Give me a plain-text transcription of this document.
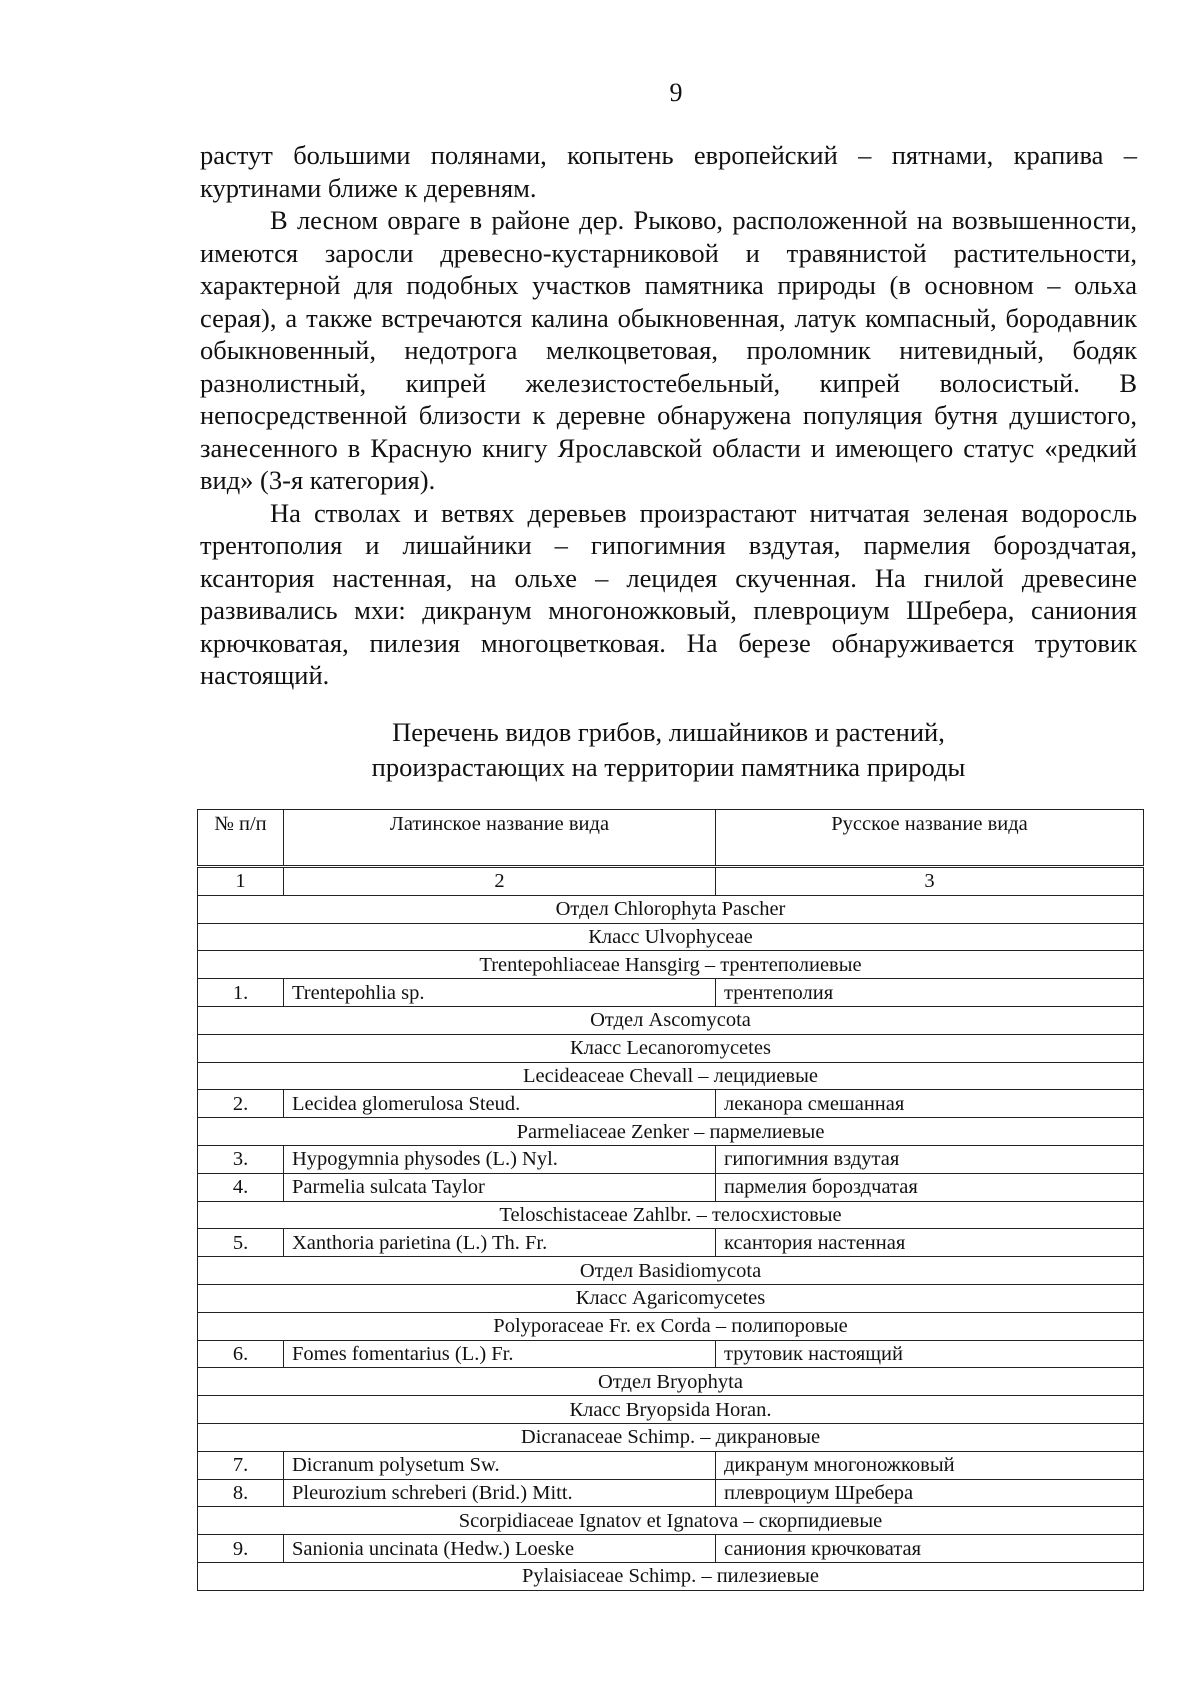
9

растут большими полянами, копытень европейский – пятнами, крапива – куртинами ближе к деревням.

В лесном овраге в районе дер. Рыково, расположенной на возвышенности, имеются заросли древесно-кустарниковой и травянистой растительности, характерной для подобных участков памятника природы (в основном – ольха серая), а также встречаются калина обыкновенная, латук компасный, бородавник обыкновенный, недотрога мелкоцветовая, проломник нитевидный, бодяк разнолистный, кипрей железистостебельный, кипрей волосистый. В непосредственной близости к деревне обнаружена популяция бутня душистого, занесенного в Красную книгу Ярославской области и имеющего статус «редкий вид» (3-я категория).

На стволах и ветвях деревьев произрастают нитчатая зеленая водоросль трентополия и лишайники – гипогимния вздутая, пармелия бороздчатая, ксантория настенная, на ольхе – лецидея скученная. На гнилой древесине развивались мхи: дикранум многоножковый, плевроциум Шребера, саниония крючковатая, пилезия многоцветковая. На березе обнаруживается трутовик настоящий.

Перечень видов грибов, лишайников и растений,
произрастающих на территории памятника природы
№ п/п	Латинское название вида	Русское название вида
1	2	3
Отдел Chlorophyta Pascher		
Класс Ulvophyceae		
Trentepohliaceae Hansgirg – трентеполиевые		
1.	Trentepohlia sp.	трентеполия
Отдел Ascomycota		
Класс Lecanoromycetes		
Lecideaceae Chevall – лецидиевые		
2.	Lecidea glomerulosa Steud.	леканора смешанная
Parmeliaceae Zenker – пармелиевые		
3.	Hypogymnia physodes (L.) Nyl.	гипогимния вздутая
4.	Parmelia sulcata Taylor	пармелия бороздчатая
Teloschistaceae Zahlbr. – телосхистовые		
5.	Xanthoria parietina (L.) Th. Fr.	ксантория настенная
Отдел Basidiomycota		
Класс Agaricomycetes		
Polyporaceae Fr. ex Corda – полипоровые		
6.	Fomes fomentarius (L.) Fr.	трутовик настоящий
Отдел Bryophyta		
Класс Bryopsida Horan.		
Dicranaceae Schimp. – дикрановые		
7.	Dicranum polysetum Sw.	дикранум многоножковый
8.	Pleurozium schreberi (Brid.) Mitt.	плевроциум Шребера
Scorpidiaceae Ignatov et Ignatova – скорпидиевые		
9.	Sanionia uncinata (Hedw.) Loeske	саниония крючковатая
Pylaisiaceae Schimp. – пилезиевые		
